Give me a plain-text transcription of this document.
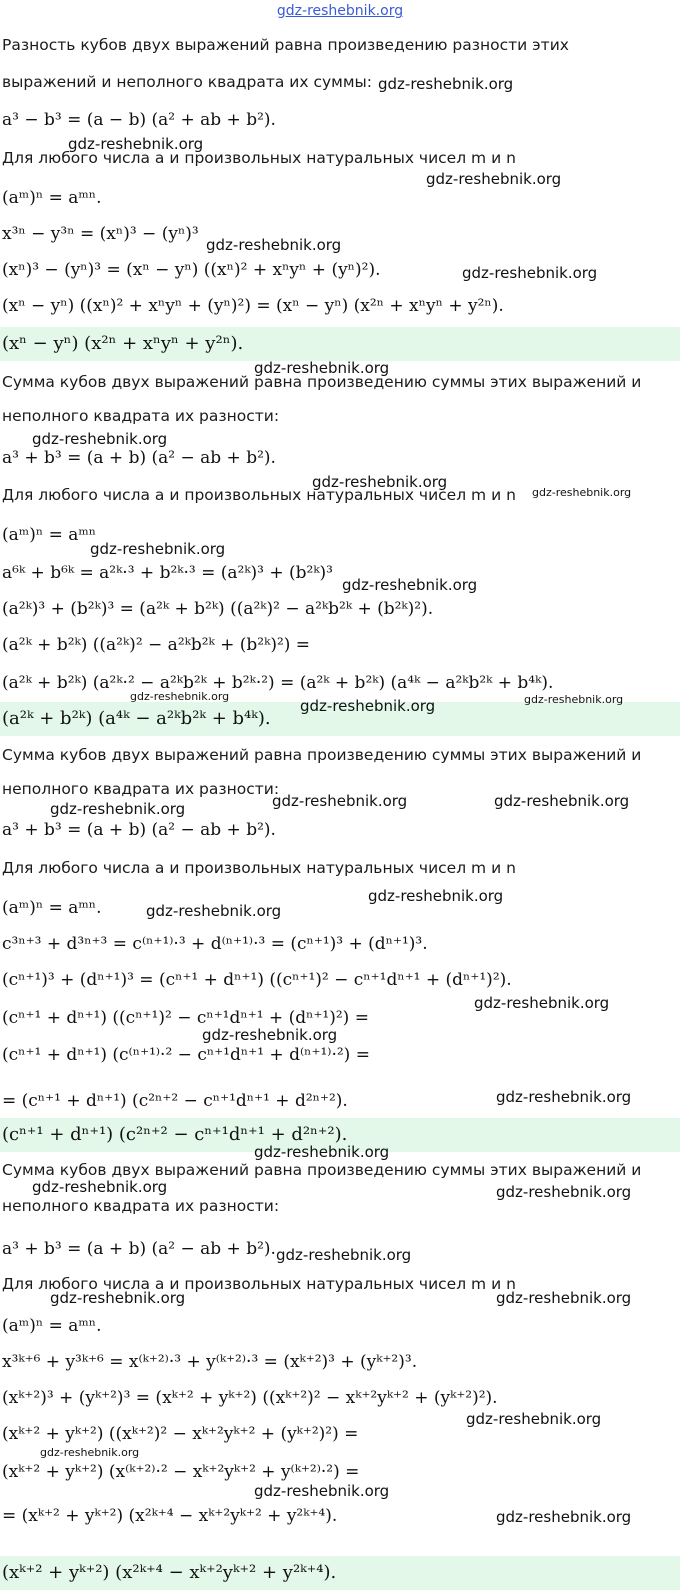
gdz-reshebnik.org
Разность кубов двух выражений равна произведению разности этих
выражений и неполного квадрата их суммы:
a³ − b³ = (a − b) (a² + ab + b²).
Для любого числа a и произвольных натуральных чисел m и n
(aᵐ)ⁿ = aᵐⁿ.
x³ⁿ − y³ⁿ = (xⁿ)³ − (yⁿ)³
(xⁿ)³ − (yⁿ)³ = (xⁿ − yⁿ) ((xⁿ)² + xⁿyⁿ + (yⁿ)²).
(xⁿ − yⁿ) ((xⁿ)² + xⁿyⁿ + (yⁿ)²) = (xⁿ − yⁿ) (x²ⁿ + xⁿyⁿ + y²ⁿ).
(xⁿ − yⁿ) (x²ⁿ + xⁿyⁿ + y²ⁿ).
Сумма кубов двух выражений равна произведению суммы этих выражений и
неполного квадрата их разности:
a³ + b³ = (a + b) (a² − ab + b²).
Для любого числа a и произвольных натуральных чисел m и n
(aᵐ)ⁿ = aᵐⁿ
a⁶ᵏ + b⁶ᵏ = a²ᵏ·³ + b²ᵏ·³ = (a²ᵏ)³ + (b²ᵏ)³
(a²ᵏ)³ + (b²ᵏ)³ = (a²ᵏ + b²ᵏ) ((a²ᵏ)² − a²ᵏb²ᵏ + (b²ᵏ)²).
(a²ᵏ + b²ᵏ) ((a²ᵏ)² − a²ᵏb²ᵏ + (b²ᵏ)²) =
(a²ᵏ + b²ᵏ) (a²ᵏ·² − a²ᵏb²ᵏ + b²ᵏ·²) = (a²ᵏ + b²ᵏ) (a⁴ᵏ − a²ᵏb²ᵏ + b⁴ᵏ).
(a²ᵏ + b²ᵏ) (a⁴ᵏ − a²ᵏb²ᵏ + b⁴ᵏ).
Сумма кубов двух выражений равна произведению суммы этих выражений и
неполного квадрата их разности:
a³ + b³ = (a + b) (a² − ab + b²).
Для любого числа a и произвольных натуральных чисел m и n
(aᵐ)ⁿ = aᵐⁿ.
c³ⁿ⁺³ + d³ⁿ⁺³ = c⁽ⁿ⁺¹⁾·³ + d⁽ⁿ⁺¹⁾·³ = (cⁿ⁺¹)³ + (dⁿ⁺¹)³.
(cⁿ⁺¹)³ + (dⁿ⁺¹)³ = (cⁿ⁺¹ + dⁿ⁺¹) ((cⁿ⁺¹)² − cⁿ⁺¹dⁿ⁺¹ + (dⁿ⁺¹)²).
(cⁿ⁺¹ + dⁿ⁺¹) ((cⁿ⁺¹)² − cⁿ⁺¹dⁿ⁺¹ + (dⁿ⁺¹)²) =
(cⁿ⁺¹ + dⁿ⁺¹) (c⁽ⁿ⁺¹⁾·² − cⁿ⁺¹dⁿ⁺¹ + d⁽ⁿ⁺¹⁾·²) =
= (cⁿ⁺¹ + dⁿ⁺¹) (c²ⁿ⁺² − cⁿ⁺¹dⁿ⁺¹ + d²ⁿ⁺²).
(cⁿ⁺¹ + dⁿ⁺¹) (c²ⁿ⁺² − cⁿ⁺¹dⁿ⁺¹ + d²ⁿ⁺²).
Сумма кубов двух выражений равна произведению суммы этих выражений и
неполного квадрата их разности:
a³ + b³ = (a + b) (a² − ab + b²).
Для любого числа a и произвольных натуральных чисел m и n
(aᵐ)ⁿ = aᵐⁿ.
x³ᵏ⁺⁶ + y³ᵏ⁺⁶ = x⁽ᵏ⁺²⁾·³ + y⁽ᵏ⁺²⁾·³ = (xᵏ⁺²)³ + (yᵏ⁺²)³.
(xᵏ⁺²)³ + (yᵏ⁺²)³ = (xᵏ⁺² + yᵏ⁺²) ((xᵏ⁺²)² − xᵏ⁺²yᵏ⁺² + (yᵏ⁺²)²).
(xᵏ⁺² + yᵏ⁺²) ((xᵏ⁺²)² − xᵏ⁺²yᵏ⁺² + (yᵏ⁺²)²) =
(xᵏ⁺² + yᵏ⁺²) (x⁽ᵏ⁺²⁾·² − xᵏ⁺²yᵏ⁺² + y⁽ᵏ⁺²⁾·²) =
= (xᵏ⁺² + yᵏ⁺²) (x²ᵏ⁺⁴ − xᵏ⁺²yᵏ⁺² + y²ᵏ⁺⁴).
(xᵏ⁺² + yᵏ⁺²) (x²ᵏ⁺⁴ − xᵏ⁺²yᵏ⁺² + y²ᵏ⁺⁴).
gdz-reshebnik.org
gdz-reshebnik.org
gdz-reshebnik.org
gdz-reshebnik.org
gdz-reshebnik.org
gdz-reshebnik.org
gdz-reshebnik.org
gdz-reshebnik.org
gdz-reshebnik.org
gdz-reshebnik.org
gdz-reshebnik.org
gdz-reshebnik.org	gdz-reshebnik.org
gdz-reshebnik.org
gdz-reshebnik.org	gdz-reshebnik.org
gdz-reshebnik.org
gdz-reshebnik.org
gdz-reshebnik.org
gdz-reshebnik.org
gdz-reshebnik.org
gdz-reshebnik.org
gdz-reshebnik.org
gdz-reshebnik.org	gdz-reshebnik.org
gdz-reshebnik.org
gdz-reshebnik.org	gdz-reshebnik.org
gdz-reshebnik.org
gdz-reshebnik.org
gdz-reshebnik.org
gdz-reshebnik.org
